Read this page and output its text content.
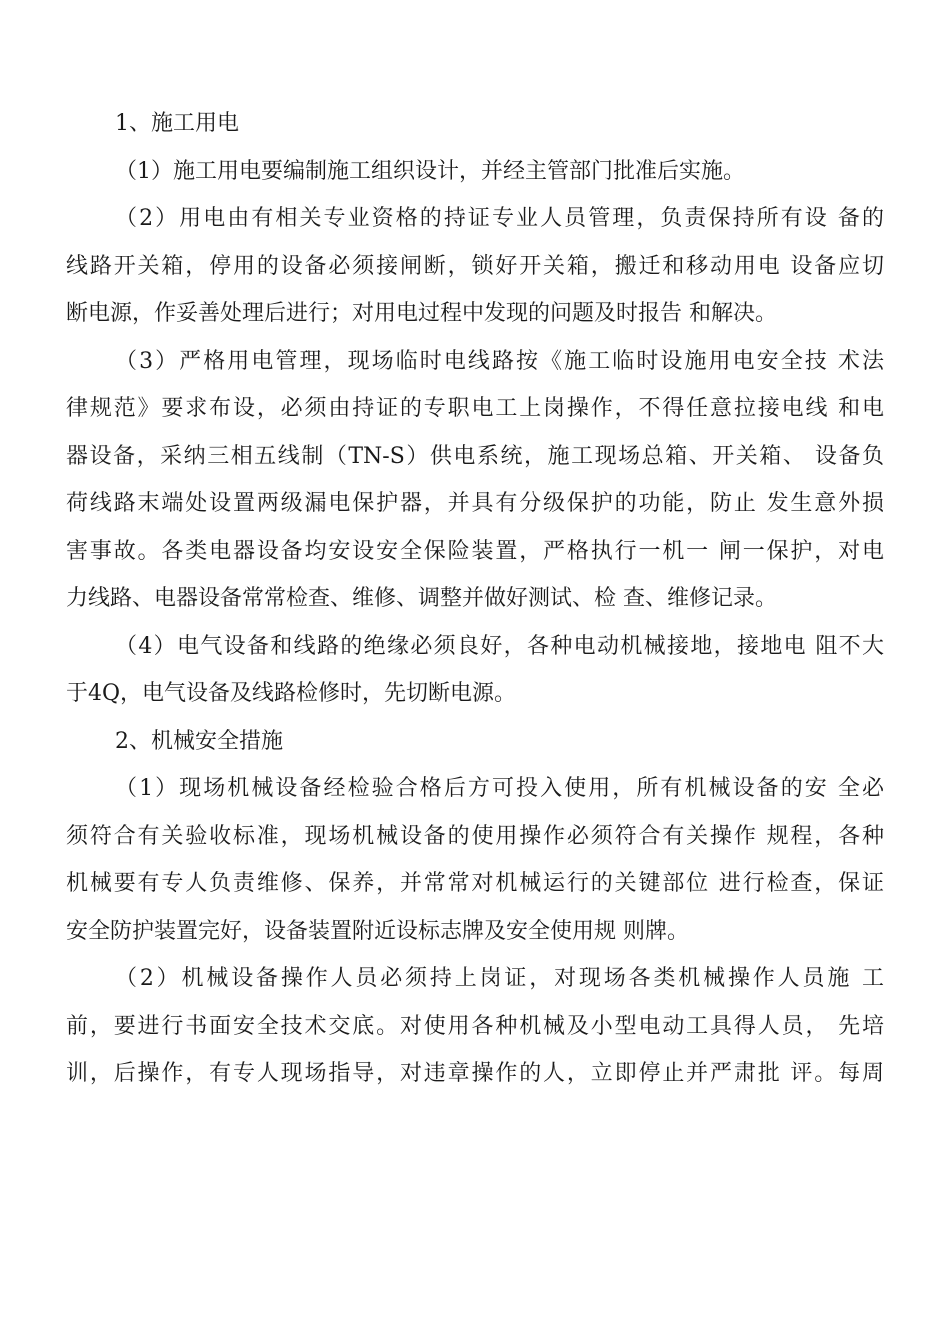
1、施工用电
（1）施工用电要编制施工组织设计，并经主管部门批准后实施。
（2）用电由有相关专业资格的持证专业人员管理，负责保持所有设 备的
线路开关箱，停用的设备必须接闸断，锁好开关箱，搬迁和移动用电 设备应切
断电源，作妥善处理后进行；对用电过程中发现的问题及时报告 和解决。
（3）严格用电管理，现场临时电线路按《施工临时设施用电安全技 术法
律规范》要求布设，必须由持证的专职电工上岗操作，不得任意拉接电线 和电
器设备，采纳三相五线制（TN-S）供电系统，施工现场总箱、开关箱、 设备负
荷线路末端处设置两级漏电保护器，并具有分级保护的功能，防止 发生意外损
害事故。各类电器设备均安设安全保险装置，严格执行一机一 闸一保护，对电
力线路、电器设备常常检查、维修、调整并做好测试、检 查、维修记录。
（4）电气设备和线路的绝缘必须良好，各种电动机械接地，接地电 阻不大
于4Q，电气设备及线路检修时，先切断电源。
2、机械安全措施
（1）现场机械设备经检验合格后方可投入使用，所有机械设备的安 全必
须符合有关验收标准，现场机械设备的使用操作必须符合有关操作 规程，各种
机械要有专人负责维修、保养，并常常对机械运行的关键部位 进行检查，保证
安全防护装置完好，设备装置附近设标志牌及安全使用规 则牌。
（2）机械设备操作人员必须持上岗证，对现场各类机械操作人员施 工
前，要进行书面安全技术交底。对使用各种机械及小型电动工具得人员， 先培
训，后操作，有专人现场指导，对违章操作的人，立即停止并严肃批 评。每周
